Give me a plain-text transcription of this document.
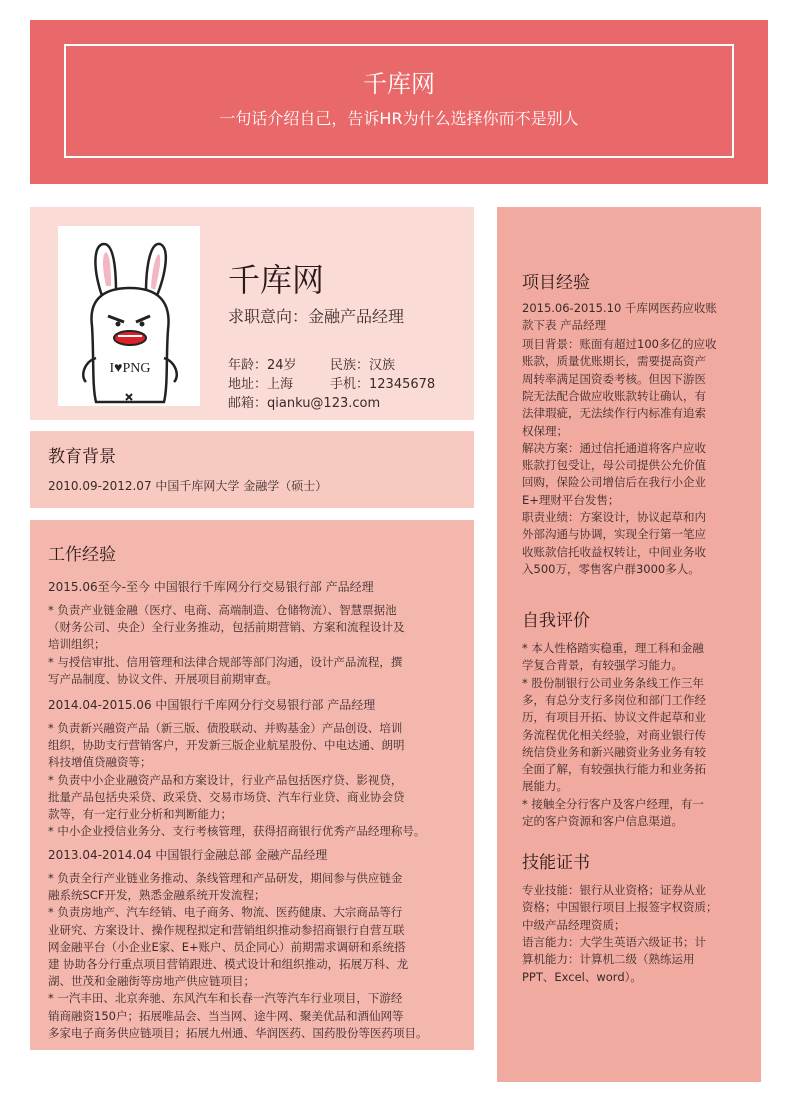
千库网
一句话介绍自己，告诉HR为什么选择你而不是别人
I♥PNG
千库网
求职意向：金融产品经理
年龄：24岁	民族：汉族
地址：上海	手机：12345678
邮箱：qianku@123.com
教育背景
2010.09-2012.07 中国千库网大学 金融学（硕士）
工作经验
2015.06至今-至今 中国银行千库网分行交易银行部 产品经理
* 负责产业链金融（医疗、电商、高端制造、仓储物流）、智慧票据池
（财务公司、央企）全行业务推动，包括前期营销、方案和流程设计及
培训组织；
* 与授信审批、信用管理和法律合规部等部门沟通，设计产品流程，撰
写产品制度、协议文件、开展项目前期审查。
2014.04-2015.06 中国银行千库网分行交易银行部 产品经理
* 负责新兴融资产品（新三版、债股联动、并购基金）产品创设、培训
组织，协助支行营销客户，开发新三版企业航星股份、中电达通、朗明
科技增值贷融资等；
* 负责中小企业融资产品和方案设计，行业产品包括医疗贷、影视贷，
批量产品包括央采贷、政采贷、交易市场贷、汽车行业贷、商业协会贷
款等，有一定行业分析和判断能力；
* 中小企业授信业务分、支行考核管理，获得招商银行优秀产品经理称号。
2013.04-2014.04 中国银行金融总部 金融产品经理
* 负责全行产业链业务推动、条线管理和产品研发，期间参与供应链金
融系统SCF开发，熟悉金融系统开发流程；
* 负责房地产、汽车经销、电子商务、物流、医药健康、大宗商品等行
业研究、方案设计、操作规程拟定和营销组织推动参招商银行自营互联
网金融平台（小企业E家、E+账户、员企同心）前期需求调研和系统搭
建 协助各分行重点项目营销跟进、模式设计和组织推动，拓展万科、龙
湖、世茂和金融街等房地产供应链项目；
* 一汽丰田、北京奔驰、东风汽车和长春一汽等汽车行业项目，下游经
销商融资150户；拓展唯品会、当当网、途牛网、聚美优品和酒仙网等
多家电子商务供应链项目；拓展九州通、华润医药、国药股份等医药项目。
项目经验
2015.06-2015.10 千库网医药应收账
款下表 产品经理
项目背景：账面有超过100多亿的应收
账款，质量优账期长，需要提高资产
周转率满足国资委考核。但因下游医
院无法配合做应收账款转让确认，有
法律瑕疵，无法续作行内标准有追索
权保理；
解决方案：通过信托通道将客户应收
账款打包受让，母公司提供公允价值
回购，保险公司增信后在我行小企业
E+理财平台发售；
职责业绩：方案设计，协议起草和内
外部沟通与协调，实现全行第一笔应
收账款信托收益权转让，中间业务收
入500万，零售客户群3000多人。
自我评价
* 本人性格踏实稳重，理工科和金融
学复合背景，有较强学习能力。
* 股份制银行公司业务条线工作三年
多，有总分支行多岗位和部门工作经
历，有项目开拓、协议文件起草和业
务流程优化相关经验，对商业银行传
统信贷业务和新兴融资业务业务有较
全面了解，有较强执行能力和业务拓
展能力。
* 接触全分行客户及客户经理，有一
定的客户资源和客户信息渠道。
技能证书
专业技能：银行从业资格；证券从业
资格；中国银行项目上报签字权资质；
中级产品经理资质；
语言能力：大学生英语六级证书；计
算机能力：计算机二级（熟练运用
PPT、Excel、word）。
